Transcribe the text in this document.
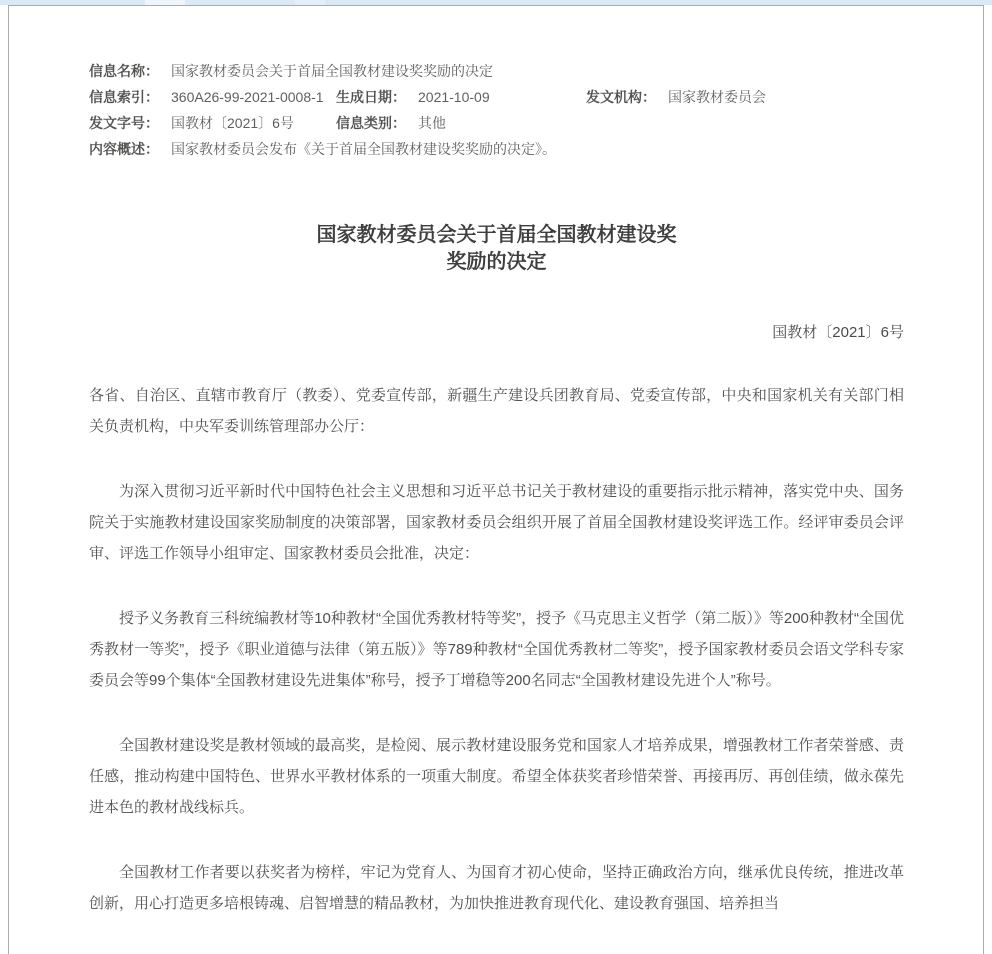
信息名称： 国家教材委员会关于首届全国教材建设奖奖励的决定
信息索引： 360A26-99-2021-0008-1 生成日期： 2021-10-09	发文机构： 国家教材委员会
发文字号： 国教材〔2021〕6号	信息类别： 其他
内容概述： 国家教材委员会发布《关于首届全国教材建设奖奖励的决定》。
国家教材委员会关于首届全国教材建设奖奖励的决定
国教材〔2021〕6号

各省、自治区、直辖市教育厅（教委）、党委宣传部，新疆生产建设兵团教育局、党委宣传部，中央和国家机关有关部门相关负责机构，中央军委训练管理部办公厅：

为深入贯彻习近平新时代中国特色社会主义思想和习近平总书记关于教材建设的重要指示批示精神，落实党中央、国务院关于实施教材建设国家奖励制度的决策部署，国家教材委员会组织开展了首届全国教材建设奖评选工作。经评审委员会评审、评选工作领导小组审定、国家教材委员会批准，决定：

授予义务教育三科统编教材等10种教材“全国优秀教材特等奖”，授予《马克思主义哲学（第二版）》等200种教材“全国优秀教材一等奖”，授予《职业道德与法律（第五版）》等789种教材“全国优秀教材二等奖”，授予国家教材委员会语文学科专家委员会等99个集体“全国教材建设先进集体”称号，授予丁增稳等200名同志“全国教材建设先进个人”称号。

全国教材建设奖是教材领域的最高奖，是检阅、展示教材建设服务党和国家人才培养成果，增强教材工作者荣誉感、责任感，推动构建中国特色、世界水平教材体系的一项重大制度。希望全体获奖者珍惜荣誉、再接再厉、再创佳绩，做永葆先进本色的教材战线标兵。

全国教材工作者要以获奖者为榜样，牢记为党育人、为国育才初心使命，坚持正确政治方向，继承优良传统，推进改革创新，用心打造更多培根铸魂、启智增慧的精品教材，为加快推进教育现代化、建设教育强国、培养担当
